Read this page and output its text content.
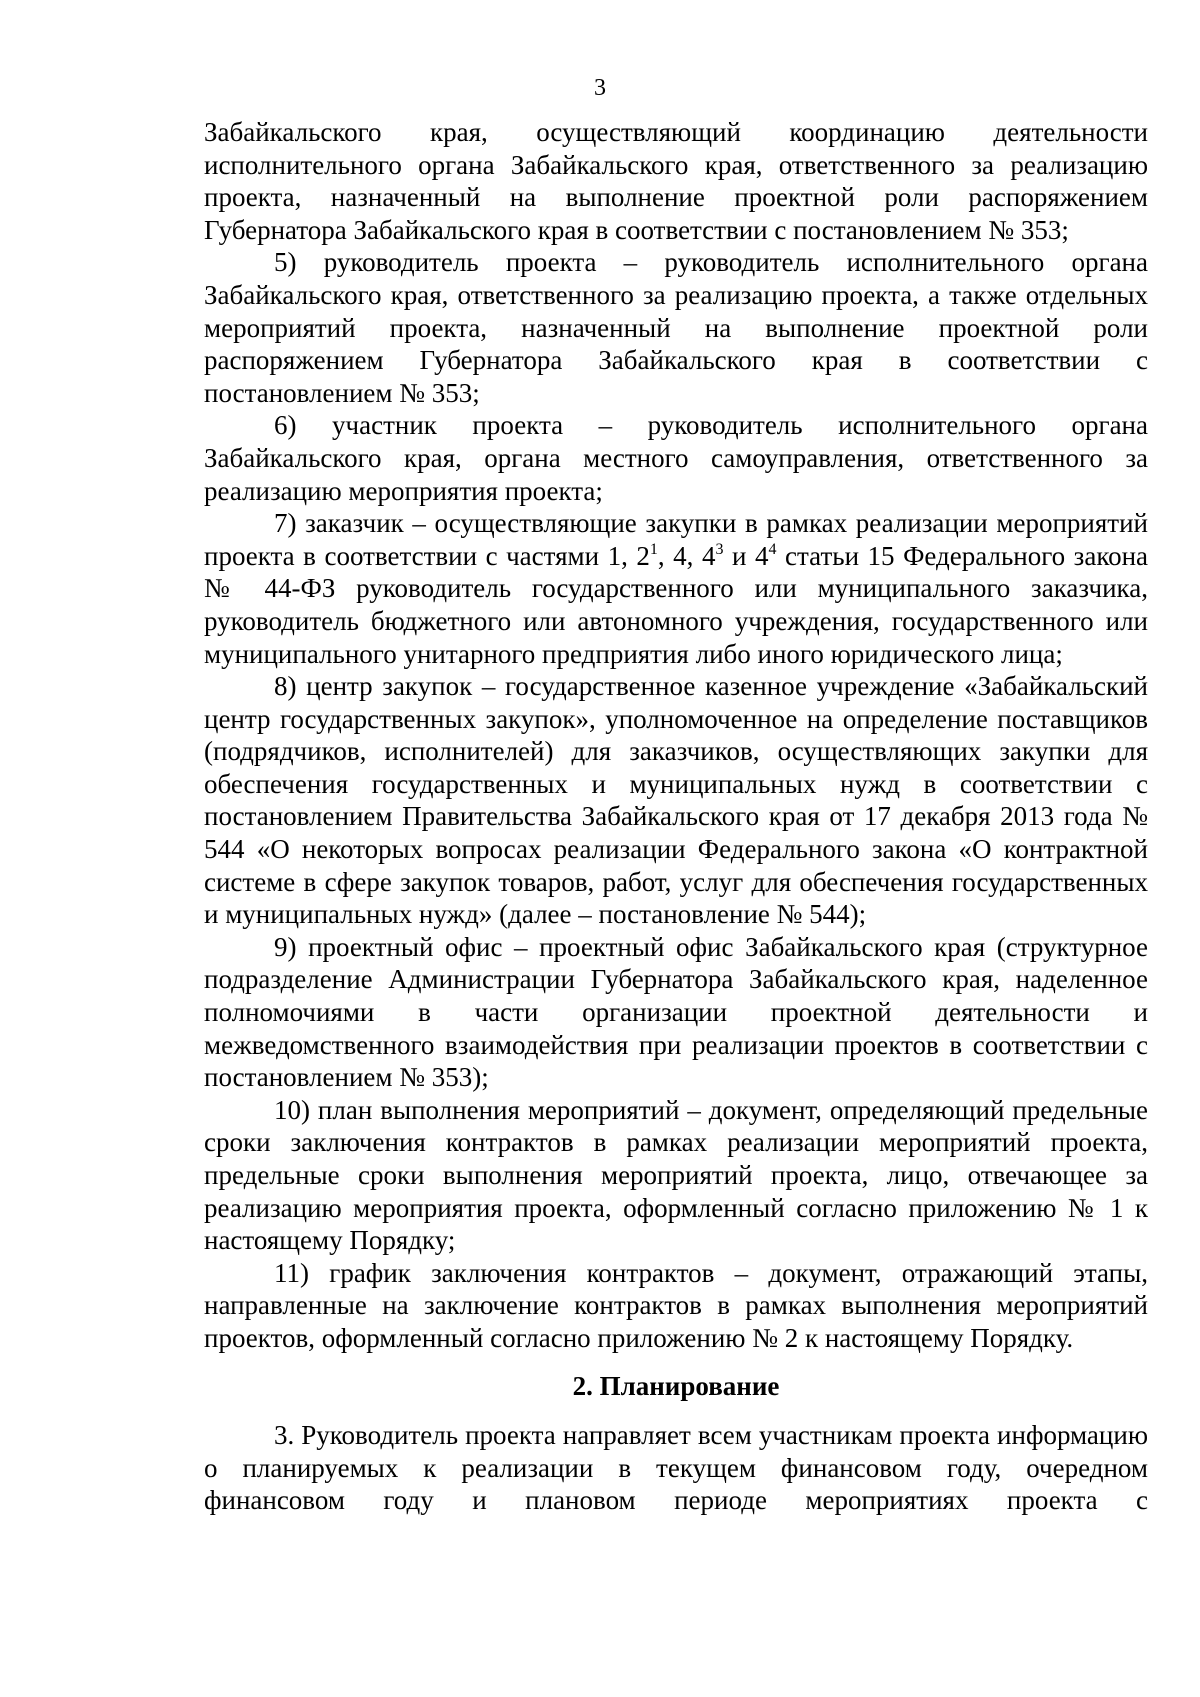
3

Забайкальского края, осуществляющий координацию деятельности исполнительного органа Забайкальского края, ответственного за реализацию проекта, назначенный на выполнение проектной роли распоряжением Губернатора Забайкальского края в соответствии с постановлением № 353;

5) руководитель проекта – руководитель исполнительного органа Забайкальского края, ответственного за реализацию проекта, а также отдельных мероприятий проекта, назначенный на выполнение проектной роли распоряжением Губернатора Забайкальского края в соответствии с постановлением № 353;

6) участник проекта – руководитель исполнительного органа Забайкальского края, органа местного самоуправления, ответственного за реализацию мероприятия проекта;

7) заказчик – осуществляющие закупки в рамках реализации мероприятий проекта в соответствии с частями 1, $2^1$, 4, $4^3$ и $4^4$ статьи 15 Федерального закона № 44-ФЗ руководитель государственного или муниципального заказчика, руководитель бюджетного или автономного учреждения, государственного или муниципального унитарного предприятия либо иного юридического лица;

8) центр закупок – государственное казенное учреждение «Забайкальский центр государственных закупок», уполномоченное на определение поставщиков (подрядчиков, исполнителей) для заказчиков, осуществляющих закупки для обеспечения государственных и муниципальных нужд в соответствии с постановлением Правительства Забайкальского края от 17 декабря 2013 года № 544 «О некоторых вопросах реализации Федерального закона «О контрактной системе в сфере закупок товаров, работ, услуг для обеспечения государственных и муниципальных нужд» (далее – постановление № 544);

9) проектный офис – проектный офис Забайкальского края (структурное подразделение Администрации Губернатора Забайкальского края, наделенное полномочиями в части организации проектной деятельности и межведомственного взаимодействия при реализации проектов в соответствии с постановлением № 353);

10) план выполнения мероприятий – документ, определяющий предельные сроки заключения контрактов в рамках реализации мероприятий проекта, предельные сроки выполнения мероприятий проекта, лицо, отвечающее за реализацию мероприятия проекта, оформленный согласно приложению № 1 к настоящему Порядку;

11) график заключения контрактов – документ, отражающий этапы, направленные на заключение контрактов в рамках выполнения мероприятий проектов, оформленный согласно приложению № 2 к настоящему Порядку.

2. Планирование

3. Руководитель проекта направляет всем участникам проекта информацию о планируемых к реализации в текущем финансовом году, очередном финансовом году и плановом периоде мероприятиях проекта с
